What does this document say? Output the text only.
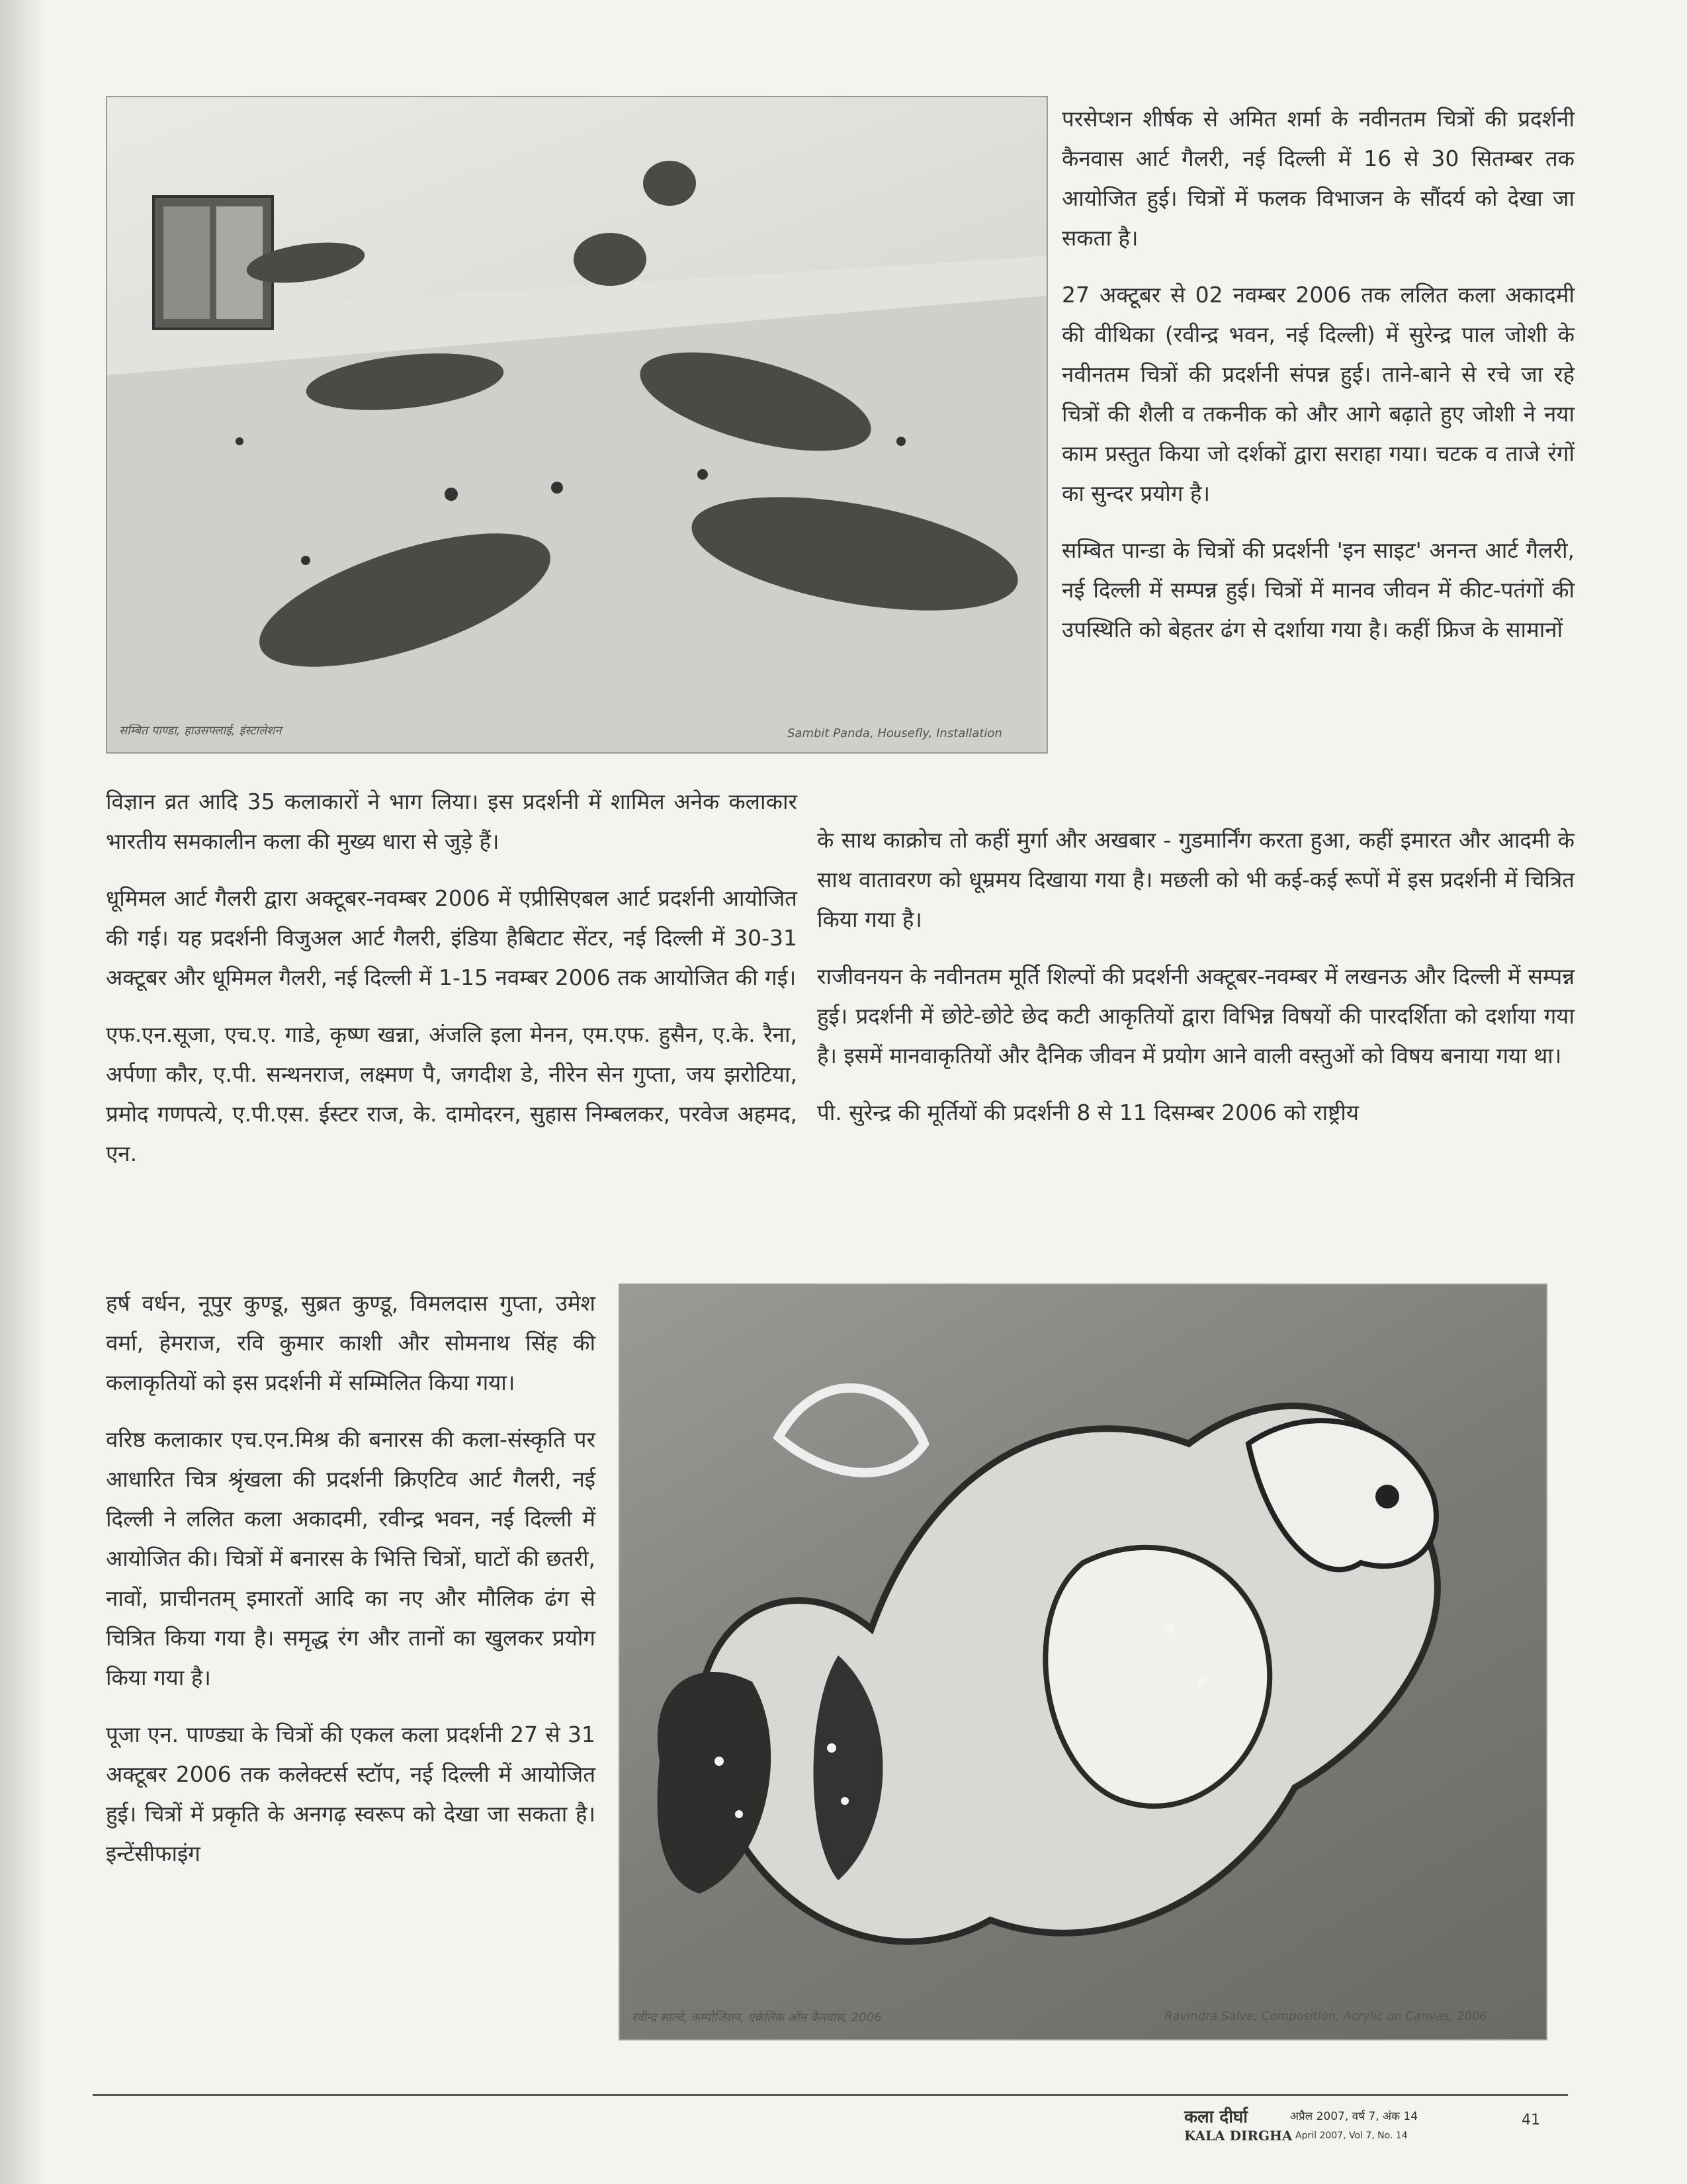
सम्बित पाण्डा, हाउसफ्लाई, इंस्टालेशन	Sambit Panda, Housefly, Installation

परसेप्शन शीर्षक से अमित शर्मा के नवीनतम चित्रों की प्रदर्शनी कैनवास आर्ट गैलरी, नई दिल्ली में 16 से 30 सितम्बर तक आयोजित हुई। चित्रों में फलक विभाजन के सौंदर्य को देखा जा सकता है।

27 अक्टूबर से 02 नवम्बर 2006 तक ललित कला अकादमी की वीथिका (रवीन्द्र भवन, नई दिल्ली) में सुरेन्द्र पाल जोशी के नवीनतम चित्रों की प्रदर्शनी संपन्न हुई। ताने-बाने से रचे जा रहे चित्रों की शैली व तकनीक को और आगे बढ़ाते हुए जोशी ने नया काम प्रस्तुत किया जो दर्शकों द्वारा सराहा गया। चटक व ताजे रंगों का सुन्दर प्रयोग है।

सम्बित पान्डा के चित्रों की प्रदर्शनी 'इन साइट' अनन्त आर्ट गैलरी, नई दिल्ली में सम्पन्न हुई। चित्रों में मानव जीवन में कीट-पतंगों की उपस्थिति को बेहतर ढंग से दर्शाया गया है। कहीं फ्रिज के सामानों

विज्ञान व्रत आदि 35 कलाकारों ने भाग लिया। इस प्रदर्शनी में शामिल अनेक कलाकार भारतीय समकालीन कला की मुख्य धारा से जुड़े हैं।

धूमिमल आर्ट गैलरी द्वारा अक्टूबर-नवम्बर 2006 में एप्रीसिएबल आर्ट प्रदर्शनी आयोजित की गई। यह प्रदर्शनी विजुअल आर्ट गैलरी, इंडिया हैबिटाट सेंटर, नई दिल्ली में 30-31 अक्टूबर और धूमिमल गैलरी, नई दिल्ली में 1-15 नवम्बर 2006 तक आयोजित की गई।

एफ.एन.सूजा, एच.ए. गाडे, कृष्ण खन्ना, अंजलि इला मेनन, एम.एफ. हुसैन, ए.के. रैना, अर्पणा कौर, ए.पी. सन्थनराज, लक्ष्मण पै, जगदीश डे, नीरेन सेन गुप्ता, जय झरोटिया, प्रमोद गणपत्ये, ए.पी.एस. ईस्टर राज, के. दामोदरन, सुहास निम्बलकर, परवेज अहमद, एन.

के साथ काक्रोच तो कहीं मुर्गा और अखबार - गुडमार्निंग करता हुआ, कहीं इमारत और आदमी के साथ वातावरण को धूम्रमय दिखाया गया है। मछली को भी कई-कई रूपों में इस प्रदर्शनी में चित्रित किया गया है।

राजीवनयन के नवीनतम मूर्ति शिल्पों की प्रदर्शनी अक्टूबर-नवम्बर में लखनऊ और दिल्ली में सम्पन्न हुई। प्रदर्शनी में छोटे-छोटे छेद कटी आकृतियों द्वारा विभिन्न विषयों की पारदर्शिता को दर्शाया गया है। इसमें मानवाकृतियों और दैनिक जीवन में प्रयोग आने वाली वस्तुओं को विषय बनाया गया था।

पी. सुरेन्द्र की मूर्तियों की प्रदर्शनी 8 से 11 दिसम्बर 2006 को राष्ट्रीय

हर्ष वर्धन, नूपुर कुण्डू, सुब्रत कुण्डू, विमलदास गुप्ता, उमेश वर्मा, हेमराज, रवि कुमार काशी और सोमनाथ सिंह की कलाकृतियों को इस प्रदर्शनी में सम्मिलित किया गया।

वरिष्ठ कलाकार एच.एन.मिश्र की बनारस की कला-संस्कृति पर आधारित चित्र श्रृंखला की प्रदर्शनी क्रिएटिव आर्ट गैलरी, नई दिल्ली ने ललित कला अकादमी, रवीन्द्र भवन, नई दिल्ली में आयोजित की। चित्रों में बनारस के भित्ति चित्रों, घाटों की छतरी, नावों, प्राचीनतम् इमारतों आदि का नए और मौलिक ढंग से चित्रित किया गया है। समृद्ध रंग और तानों का खुलकर प्रयोग किया गया है।

पूजा एन. पाण्ड्या के चित्रों की एकल कला प्रदर्शनी 27 से 31 अक्टूबर 2006 तक कलेक्टर्स स्टॉप, नई दिल्ली में आयोजित हुई। चित्रों में प्रकृति के अनगढ़ स्वरूप को देखा जा सकता है। इन्टेंसीफाइंग

रवीन्द्र साल्वे, कम्पोजिशन, एक्रेलिक ऑन कैनवास, 2006	Ravindra Salve, Composition, Acrylic on Canvas, 2006
कला दीर्घा	अप्रैल 2007, वर्ष 7, अंक 14
KALA DIRGHA April 2007, Vol 7, No. 14
41
